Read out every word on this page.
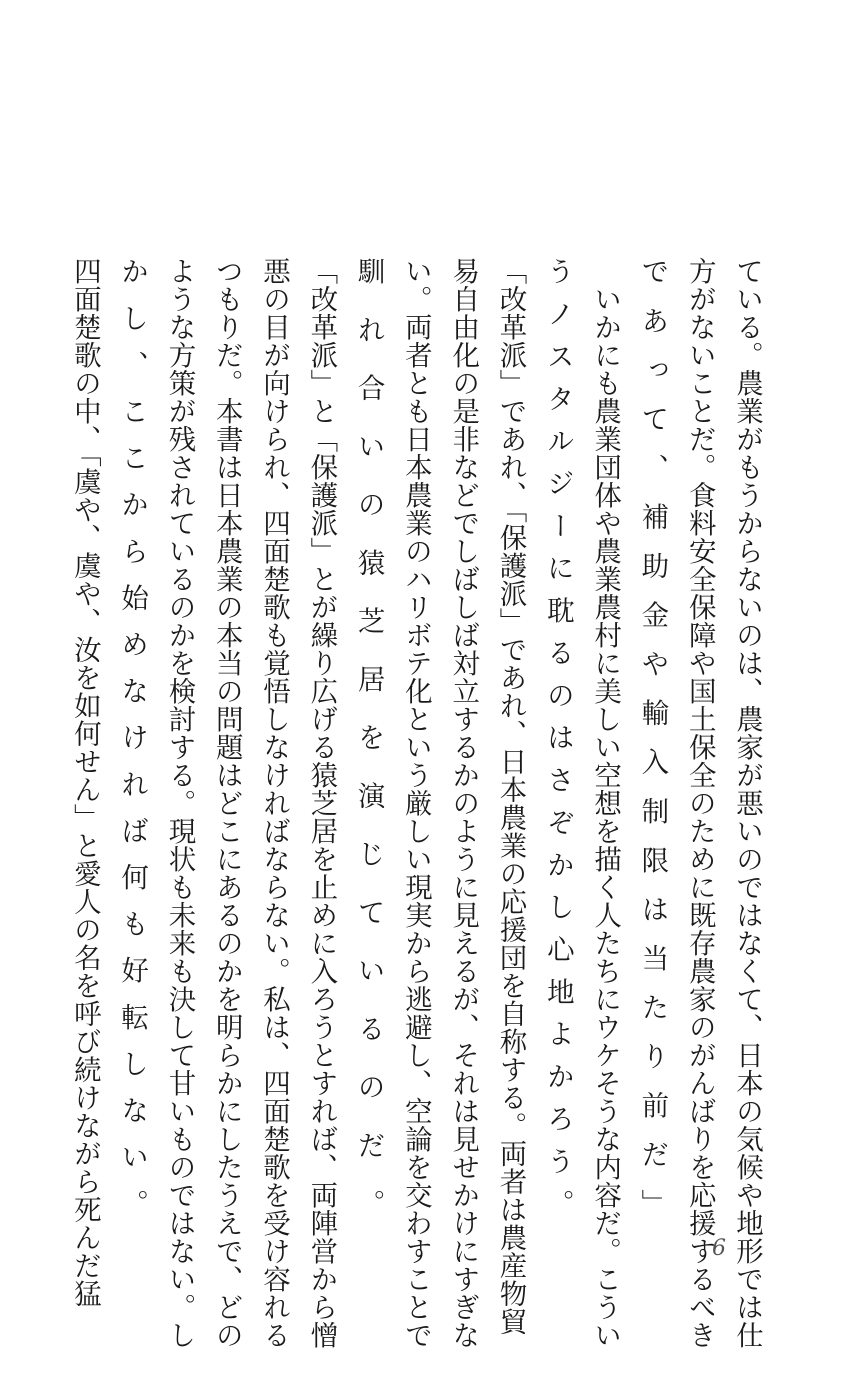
ている。農業がもうからないのは、農家が悪いのではなくて、日本の気候や地形では仕
方がないことだ。食料安全保障や国土保全のために既存農家のがんばりを応援するべき
であって、補助金や輸入制限は当たり前だ」
　いかにも農業団体や農業農村に美しい空想を描く人たちにウケそうな内容だ。こうい
うノスタルジーに耽るのはさぞかし心地よかろう。
「改革派」であれ、「保護派」であれ、日本農業の応援団を自称する。両者は農産物貿
易自由化の是非などでしばしば対立するかのように見えるが、それは見せかけにすぎな
い。両者とも日本農業のハリボテ化という厳しい現実から逃避し、空論を交わすことで
馴れ合いの猿芝居を演じているのだ。
「改革派」と「保護派」とが繰り広げる猿芝居を止めに入ろうとすれば、両陣営から憎
悪の目が向けられ、四面楚歌も覚悟しなければならない。私は、四面楚歌を受け容れる
つもりだ。本書は日本農業の本当の問題はどこにあるのかを明らかにしたうえで、どの
ような方策が残されているのかを検討する。現状も未来も決して甘いものではない。し
かし、ここから始めなければ何も好転しない。
四面楚歌の中、「虞や、虞や、汝を如何せん」と愛人の名を呼び続けながら死んだ猛	6
